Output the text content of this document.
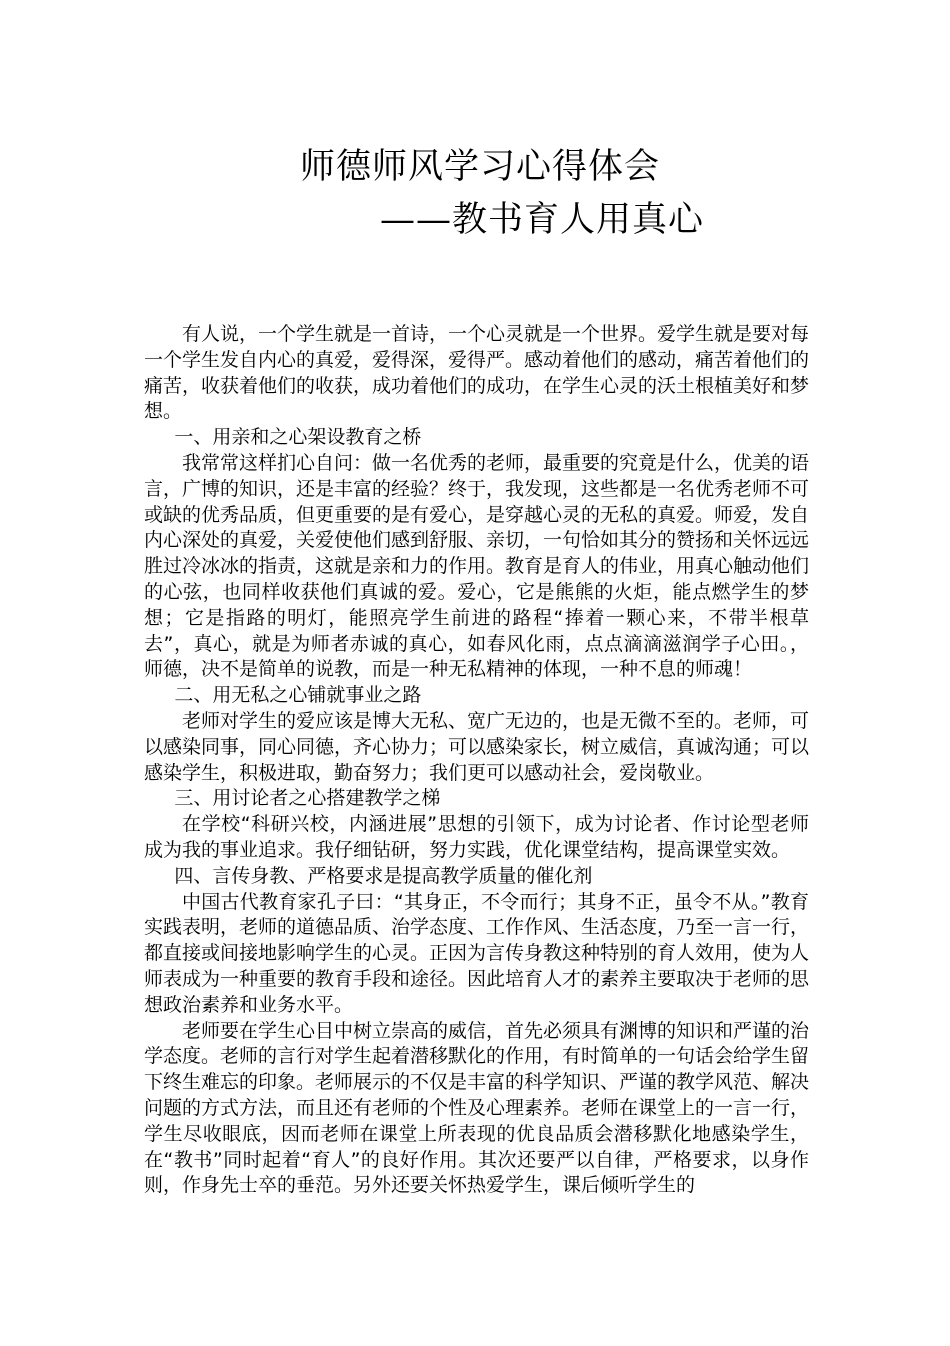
师德师风学习心得体会
——教书育人用真心

有人说，一个学生就是一首诗，一个心灵就是一个世界。爱学生就是要对每一个学生发自内心的真爱，爱得深，爱得严。感动着他们的感动，痛苦着他们的痛苦，收获着他们的收获，成功着他们的成功，在学生心灵的沃土根植美好和梦想。

一、用亲和之心架设教育之桥

我常常这样扪心自问：做一名优秀的老师，最重要的究竟是什么，优美的语言，广博的知识，还是丰富的经验？终于，我发现，这些都是一名优秀老师不可或缺的优秀品质，但更重要的是有爱心，是穿越心灵的无私的真爱。师爱，发自内心深处的真爱，关爱使他们感到舒服、亲切，一句恰如其分的赞扬和关怀远远胜过冷冰冰的指责，这就是亲和力的作用。教育是育人的伟业，用真心触动他们的心弦，也同样收获他们真诚的爱。爱心，它是熊熊的火炬，能点燃学生的梦想；它是指路的明灯，能照亮学生前进的路程“捧着一颗心来，不带半根草去”，真心，就是为师者赤诚的真心，如春风化雨，点点滴滴滋润学子心田。，师德，决不是简单的说教，而是一种无私精神的体现，一种不息的师魂！

二、用无私之心铺就事业之路

老师对学生的爱应该是博大无私、宽广无边的，也是无微不至的。老师，可以感染同事，同心同德，齐心协力；可以感染家长，树立威信，真诚沟通；可以感染学生，积极进取，勤奋努力；我们更可以感动社会，爱岗敬业。

三、用讨论者之心搭建教学之梯

在学校“科研兴校，内涵进展”思想的引领下，成为讨论者、作讨论型老师成为我的事业追求。我仔细钻研，努力实践，优化课堂结构，提高课堂实效。

四、言传身教、严格要求是提高教学质量的催化剂

中国古代教育家孔子曰：“其身正，不令而行；其身不正，虽令不从。”教育实践表明，老师的道德品质、治学态度、工作作风、生活态度，乃至一言一行，都直接或间接地影响学生的心灵。正因为言传身教这种特别的育人效用，使为人师表成为一种重要的教育手段和途径。因此培育人才的素养主要取决于老师的思想政治素养和业务水平。

老师要在学生心目中树立崇高的威信，首先必须具有渊博的知识和严谨的治学态度。老师的言行对学生起着潜移默化的作用，有时简单的一句话会给学生留下终生难忘的印象。老师展示的不仅是丰富的科学知识、严谨的教学风范、解决问题的方式方法，而且还有老师的个性及心理素养。老师在课堂上的一言一行，学生尽收眼底，因而老师在课堂上所表现的优良品质会潜移默化地感染学生，在“教书”同时起着“育人”的良好作用。其次还要严以自律，严格要求，以身作则，作身先士卒的垂范。另外还要关怀热爱学生，课后倾听学生的
